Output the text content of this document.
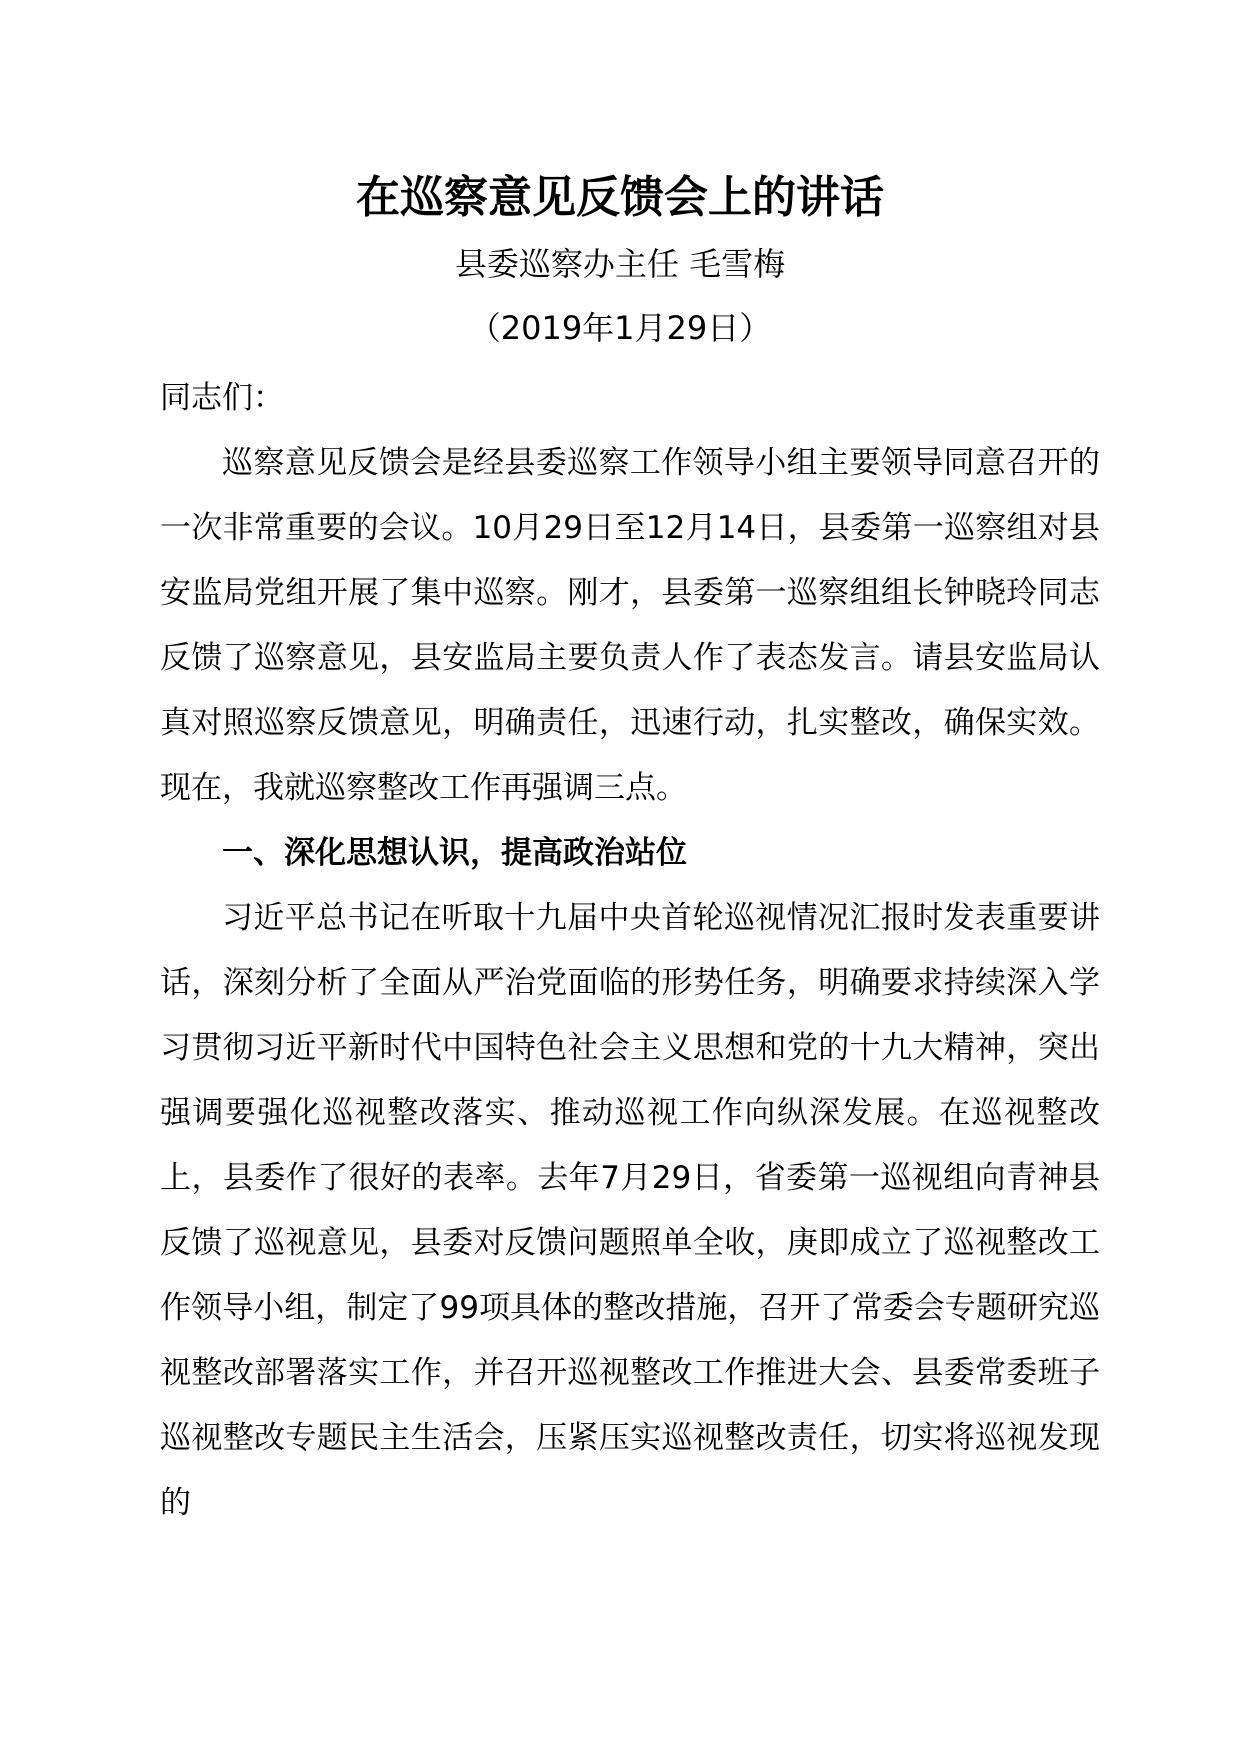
在巡察意见反馈会上的讲话

县委巡察办主任 毛雪梅

（2019年1月29日）

同志们：

巡察意见反馈会是经县委巡察工作领导小组主要领导同意召开的一次非常重要的会议。10月29日至12月14日，县委第一巡察组对县安监局党组开展了集中巡察。刚才，县委第一巡察组组长钟晓玲同志反馈了巡察意见，县安监局主要负责人作了表态发言。请县安监局认真对照巡察反馈意见，明确责任，迅速行动，扎实整改，确保实效。现在，我就巡察整改工作再强调三点。

一、深化思想认识，提高政治站位

习近平总书记在听取十九届中央首轮巡视情况汇报时发表重要讲话，深刻分析了全面从严治党面临的形势任务，明确要求持续深入学习贯彻习近平新时代中国特色社会主义思想和党的十九大精神，突出强调要强化巡视整改落实、推动巡视工作向纵深发展。在巡视整改上，县委作了很好的表率。去年7月29日，省委第一巡视组向青神县反馈了巡视意见，县委对反馈问题照单全收，庚即成立了巡视整改工作领导小组，制定了99项具体的整改措施，召开了常委会专题研究巡视整改部署落实工作，并召开巡视整改工作推进大会、县委常委班子巡视整改专题民主生活会，压紧压实巡视整改责任，切实将巡视发现的
